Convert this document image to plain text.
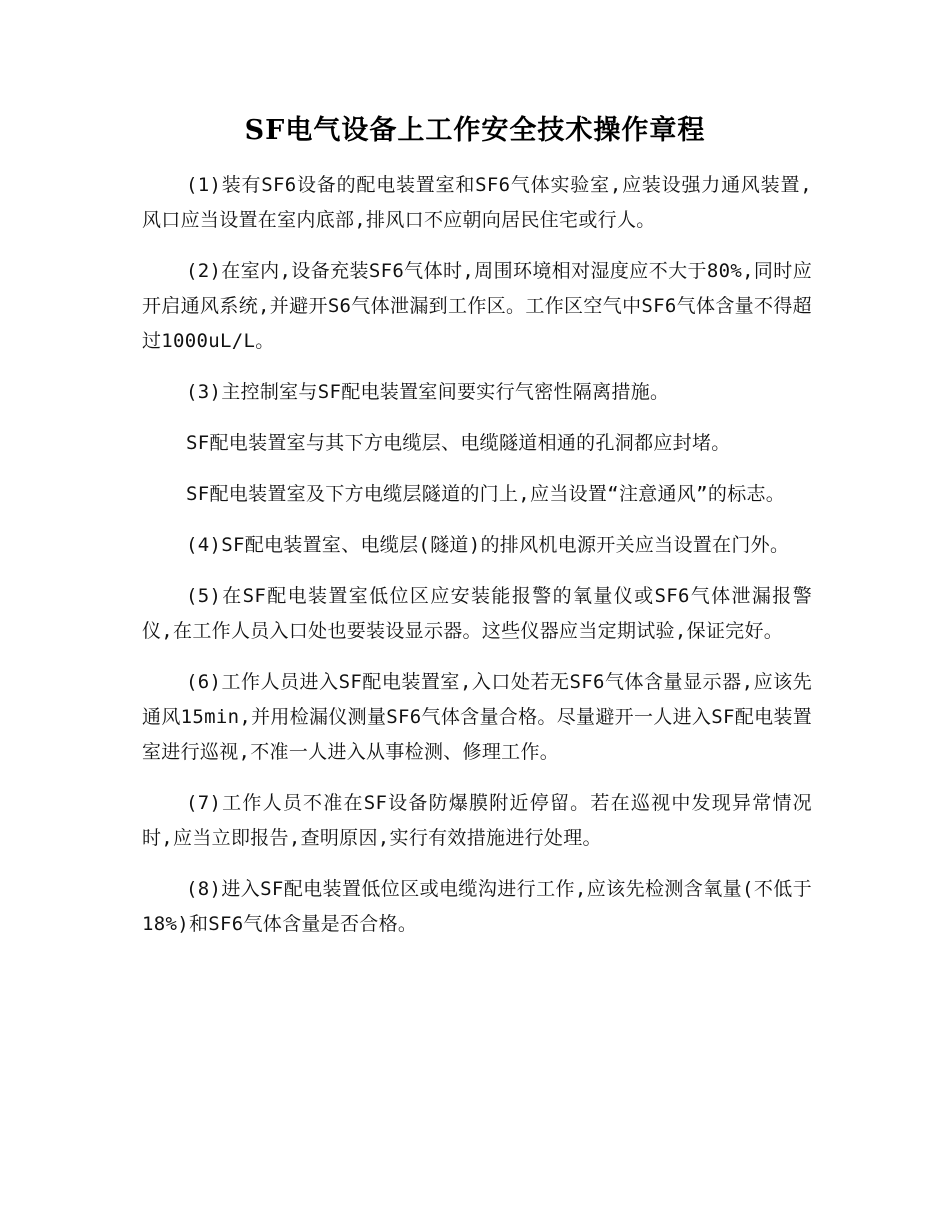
SF电气设备上工作安全技术操作章程

(1)装有SF6设备的配电装置室和SF6气体实验室,应装设强力通风装置,风口应当设置在室内底部,排风口不应朝向居民住宅或行人。

(2)在室内,设备充装SF6气体时,周围环境相对湿度应不大于80%,同时应开启通风系统,并避开S6气体泄漏到工作区。工作区空气中SF6气体含量不得超过1000uL/L。

(3)主控制室与SF配电装置室间要实行气密性隔离措施。

SF配电装置室与其下方电缆层、电缆隧道相通的孔洞都应封堵。

SF配电装置室及下方电缆层隧道的门上,应当设置“注意通风”的标志。

(4)SF配电装置室、电缆层(隧道)的排风机电源开关应当设置在门外。

(5)在SF配电装置室低位区应安装能报警的氧量仪或SF6气体泄漏报警仪,在工作人员入口处也要装设显示器。这些仪器应当定期试验,保证完好。

(6)工作人员进入SF配电装置室,入口处若无SF6气体含量显示器,应该先通风15min,并用检漏仪测量SF6气体含量合格。尽量避开一人进入SF配电装置室进行巡视,不准一人进入从事检测、修理工作。

(7)工作人员不准在SF设备防爆膜附近停留。若在巡视中发现异常情况时,应当立即报告,查明原因,实行有效措施进行处理。

(8)进入SF配电装置低位区或电缆沟进行工作,应该先检测含氧量(不低于18%)和SF6气体含量是否合格。
